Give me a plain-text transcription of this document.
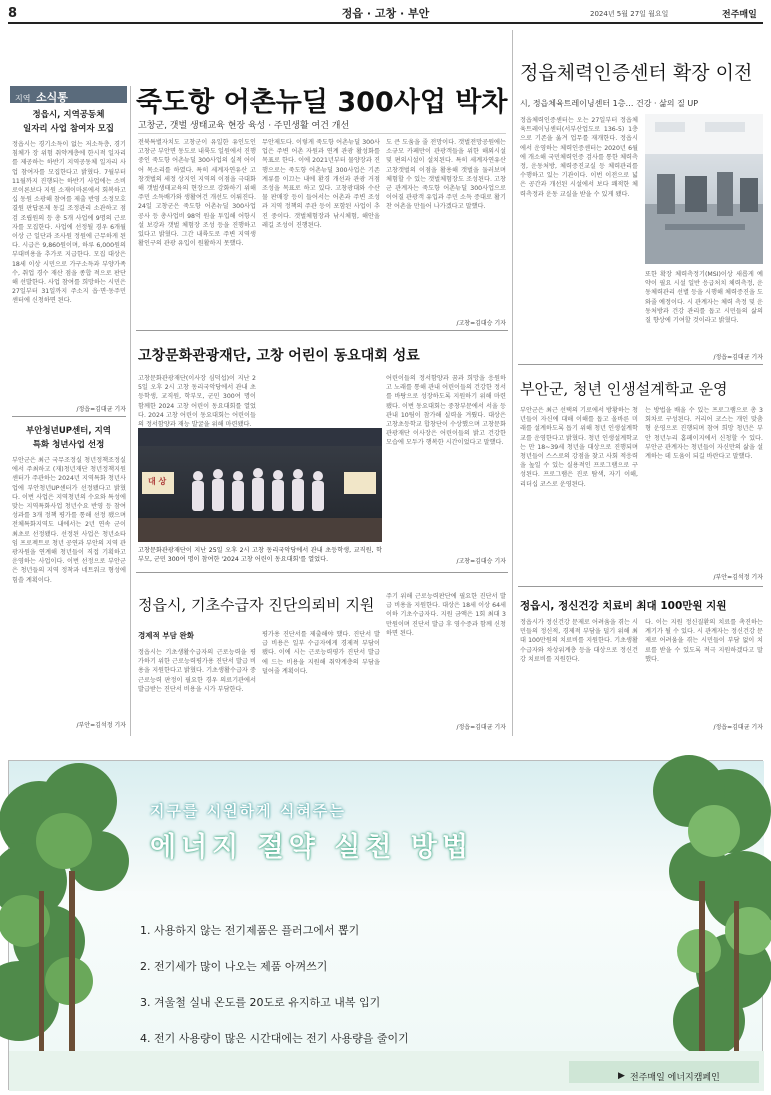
8	정읍 · 고창 · 부안	2024년 5월 27일 월요일	전주매일
지역 소식통
정읍시, 지역공동체
일자리 사업 참여자 모집
정읍시는 경기소득이 없는 저소득층, 경기침체가 장 위험 취약계층에 한시적 일자리를 제공하는 하반기 지역공동체 일자리 사업 참여자를 모집한다고 밝혔다. 7월부터 11월까지 진행되는 하반기 사업에는 소비로이론보다 지원 소재이마론에서 회복하고 십 동원 소광해 참여를 제출 반영 소정모호 결원 판답론제 동길 조정관리 소관하고 점검 조립원의 등 총 5개 사업에 9명의 근로자를 모집한다. 사업에 선정될 경우 6개월 이상 근 일단과 조사원 정원에 근무하게 된다. 시급은 9,860원이며, 하루 6,000원의 부대비용을 추가로 지급한다. 모집 대상은 18세 이상 시민으로 가구소득과 부양가족 수, 취업 경수 재산 점을 종합 적으로 판단해 선발한다. 사업 참여를 희망하는 시민은 27일부터 31일까지 주소지 읍·면·동주민센터에 신청하면 된다.
/정읍=김대균 기자
부안청년UP센터, 지역
특화 청년사업 선정
부안군은 최근 국무조정실 청년정책조정실에서 주최하고 (재)청년재단 청년정책지원센터가 주관하는 2024년 지역특화 청년사업에 부안청년UP센터가 선정됐다고 밝혔다. 이번 사업은 지역청년의 수요와 특성에 맞는 지역특화사업 청년수요 반영 등 참여 성과를 3개 정책 평가를 통해 선정 됐으며 전체특화지역도 내에서는 2년 연속 군이 최초로 선정됐다. 선정된 사업은 청년쇼타임 프로젝트로 청년 공연과 부안의 지역 관광자원을 연계해 청년들이 직접 기획하고 운영하는 사업이다. 이번 선정으로 부안군은 청년들의 지역 정착과 네트워크 형성에 힘쓸 계획이다.
/부안=김석정 기자
죽도항 어촌뉴딜 300사업 박차
고창군, 갯벌 생태교육 현장 육성 · 주민생활 여건 개선
전북특별자치도 고창군이 유일한 유인도인 고창군 부안면 동도로 내륙도 일원에서 진행 중인 죽도항 어촌뉴딜 300사업의 실적 어이어 목소리를 하였다. 특히 세계자연유산 고창갯벌의 세정 상지인 지역의 이점을 극대화해 갯벌생태교육의 현장으로 강화하기 위해 주민 소득배가와 생활여건 개선도 이뤄진다. 24일 고창군은 죽도항 어촌뉴딜 300사업 공사 등 총사업비 98억 원을 투입해 어항시설 보강과 갯벌 체험장 조성 등을 진행하고 있다고 밝혔다. 그간 내륙도로 주변 지역생활인구의 관광 유입이 원활하지 못했다.
무안제도다. 이렇게 죽도항 어촌뉴딜 300사업은 주변 어촌 자원과 연계 관광 활성화를 목표로 한다. 이에 2021년부터 물양장과 진행으로는 죽도항 어촌뉴딜 300사업은 기존 계류를 이끄는 내에 환경 개선과 관광 거점 조성을 목표로 하고 있다. 고창광대와 수산물 판매장 등이 들어서는 어촌과 주변 조성과 지역 정책의 주관 등이 포함된 사업이 추진 중이다. 갯벌체험장과 낚시체험, 해안올레길 조성이 진행된다.
도 큰 도움을 줄 전망이다. 갯벌전망공원에는 소규모 카페만이 관광객들을 위한 해외시설 및 편의시설이 설치된다. 특히 세계자연유산 고창갯벌의 이점을 활용해 갯벌을 둘러보며 체험할 수 있는 갯벌체험장도 조성된다. 고창군 관계자는 죽도항 어촌뉴딜 300사업으로 이어질 관광객 유입과 주민 소득 증대로 활기찬 어촌을 만들어 나가겠다고 말했다.
/고창=김대승 기자
정읍체력인증센터 확장 이전
시, 정읍체육트레이닝센터 1층… 건강 · 삶의 질 UP
정읍체력인증센터는 오는 27일부터 정읍체육트레이닝센터(서부산업도로 136-5) 1층으로 기존을 옮겨 업무를 재개한다. 정읍시에서 운영하는 체력인증센터는 2020년 6월에 개소해 국민체력인증 검사를 통한 체력측정, 운동처방, 체력증진교실 등 체력관리를 수행하고 있는 기관이다. 이번 이전으로 넓은 공간과 개선된 시설에서 보다 쾌적한 체력측정과 운동 교실을 받을 수 있게 됐다.
또한 확장 체력측정기(MSI)이상 새롭게 예약이 필요 시설 일반 응급처치 체력측정, 운동체력관리 선별 등을 시행해 체력증진을 도와줄 예정이다. 시 관계자는 체력 측정 및 운동처방과 건강 관리를 돕고 시민들의 삶의 질 향상에 기여할 것이라고 밝혔다.
/정읍=김대균 기자
고창문화관광재단, 고창 어린이 동요대회 성료
고창문화관광재단(이사장 심덕섭)이 지난 25일 오후 2시 고창 동리국악당에서 관내 초등학생, 교직원, 학부모, 군민 300여 명이 함께한 2024 고창 어린이 동요대회를 열었다. 2024 고창 어린이 동요대회는 어린이들의 정서함양과 재능 발굴을 위해 마련됐다.
어린이들의 정서함양과 꿈과 희망을 응원하고 노래를 통해 관내 어린이들의 건강한 정서를 바탕으로 성장하도록 지원하기 위해 마련됐다. 이번 동요대회는 중창부문에서 서울 등 관내 10팀이 참가해 실력을 겨뤘다. 대상은 고창초등학교 합창단이 수상했으며 고창문화관광재단 이사장은 어린이들의 밝고 건강한 모습에 모두가 행복한 시간이었다고 말했다.
대 상
고창문화관광재단이 지난 25일 오후 2시 고창 동리국악당에서 관내 초등학생, 교직원, 학부모, 군민 300여 명이 참여한 '2024 고창 어린이 동요대회'를 열었다.	/고창=김대승 기자
부안군, 청년 인생설계학교 운영
부안군은 최근 선택의 기로에서 방황하는 청년들이 자신에 대해 이해를 돕고 올바른 미래를 설계하도록 돕기 위해 청년 인생설계학교를 운영한다고 밝혔다. 청년 인생설계학교는 만 18~39세 청년을 대상으로 진행되며 청년들이 스스로의 강점을 찾고 사회 적응력을 높일 수 있는 실용적인 프로그램으로 구성된다. 프로그램은 진로 탐색, 자기 이해, 리더십 코스로 운영된다.
는 방법을 배울 수 있는 프로그램으로 총 3회차로 구성된다. 커리어 코스는 개인 맞춤형 운영으로 진행되며 참여 희망 청년은 부안 청년누리 홈페이지에서 신청할 수 있다. 부안군 관계자는 청년들이 자신만의 삶을 설계하는 데 도움이 되길 바란다고 말했다.
/부안=김석정 기자
정읍시, 기초수급자 진단의뢰비 지원
경제적 부담 완화
정읍시는 기초생활수급자의 근로능력을 평가하기 위한 근로능력평가용 진단서 발급 비용을 지원한다고 밝혔다. 기초생활수급자 중 근로능력 판정이 필요한 경우 의료기관에서 발급받는 진단서 비용을 시가 부담한다.
평가용 진단서를 제출해야 했다. 진단서 발급 비용은 일부 수급자에게 경제적 부담이 됐다. 이에 시는 근로능력평가 진단서 발급에 드는 비용을 지원해 취약계층의 부담을 덜어줄 계획이다.
주기 위해 근로능력판단에 필요한 진단서 발급 비용을 지원한다. 대상은 18세 이상 64세 이하 기초수급자다. 지원 금액은 1회 최대 3만원이며 진단서 발급 후 영수증과 함께 신청하면 된다.
/정읍=김대균 기자
정읍시, 정신건강 치료비 최대 100만원 지원
정읍시가 정신건강 문제로 어려움을 겪는 시민들의 정신적, 경제적 부담을 덜기 위해 최대 100만원의 치료비를 지원한다. 기초생활수급자와 차상위계층 등을 대상으로 정신건강 치료비를 지원한다.
다. 이는 지원 정신질환의 치료를 촉진하는 계기가 될 수 있다. 시 관계자는 정신건강 문제로 어려움을 겪는 시민들이 부담 없이 치료를 받을 수 있도록 적극 지원하겠다고 말했다.
/정읍=김대균 기자
지구를 시원하게 식혀주는
에너지 절약 실천 방법
1. 사용하지 않는 전기제품은 플러그에서 뽑기
2. 전기세가 많이 나오는 제품 아껴쓰기
3. 겨울철 실내 온도를 20도로 유지하고 내복 입기
4. 전기 사용량이 많은 시간대에는 전기 사용량을 줄이기
▶ 전주매일 에너지캠페인
